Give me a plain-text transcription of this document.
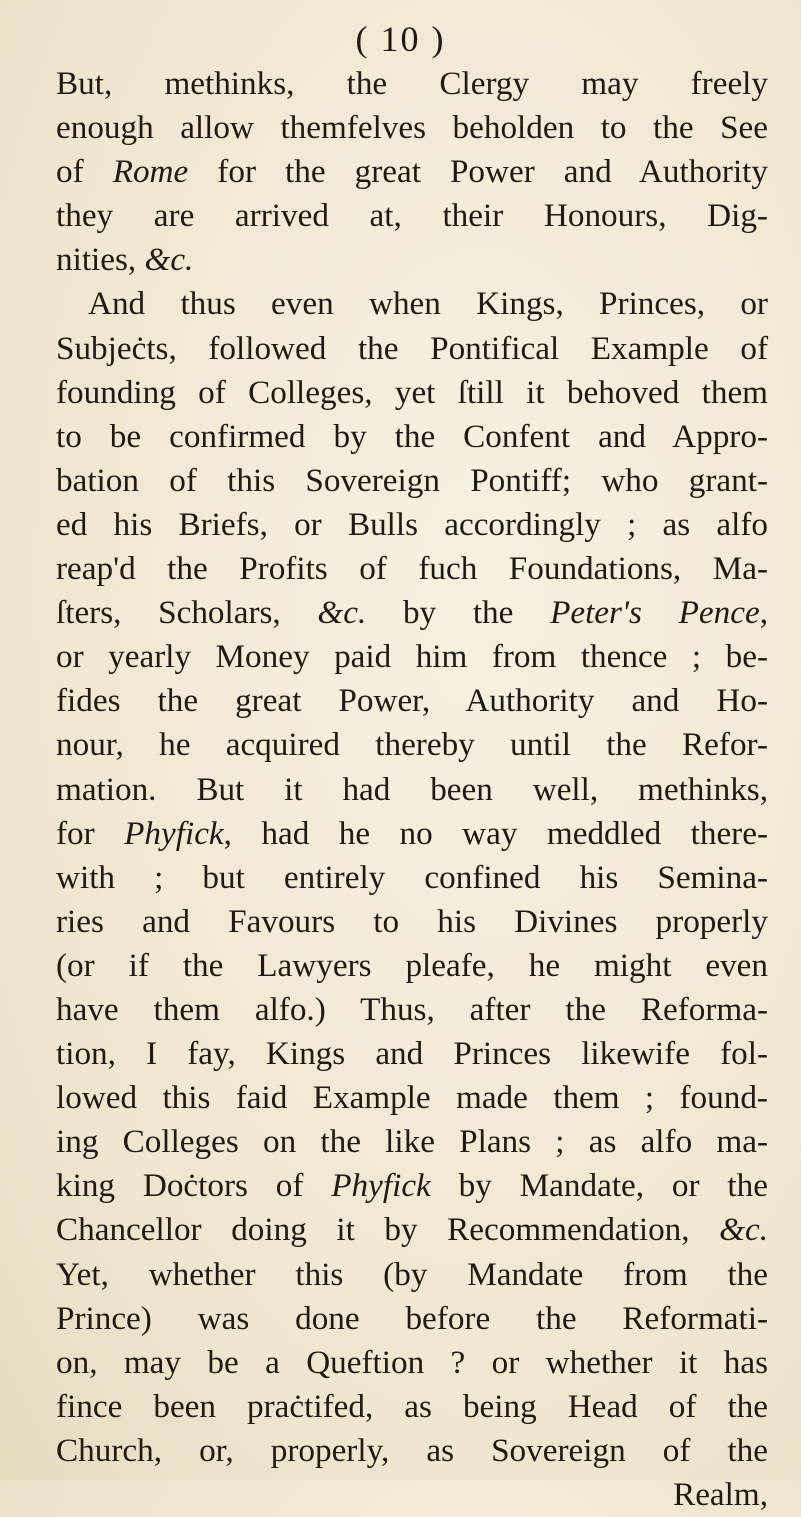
( 10 )
But, methinks, the Clergy may freely
enough allow themfelves beholden to the See
of Rome for the great Power and Authority
they are arrived at, their Honours, Dig-
nities, &c.
And thus even when Kings, Princes, or
Subjeċts, followed the Pontifical Example of
founding of Colleges, yet ſtill it behoved them
to be confirmed by the Confent and Appro-
bation of this Sovereign Pontiff; who grant-
ed his Briefs, or Bulls accordingly ; as alfo
reap'd the Profits of fuch Foundations, Ma-
ſters, Scholars, &c. by the Peter's Pence,
or yearly Money paid him from thence ; be-
fides the great Power, Authority and Ho-
nour, he acquired thereby until the Refor-
mation. But it had been well, methinks,
for Phyfick, had he no way meddled there-
with ; but entirely confined his Semina-
ries and Favours to his Divines properly
(or if the Lawyers pleafe, he might even
have them alfo.) Thus, after the Reforma-
tion, I fay, Kings and Princes likewife fol-
lowed this faid Example made them ; found-
ing Colleges on the like Plans ; as alfo ma-
king Doċtors of Phyfick by Mandate, or the
Chancellor doing it by Recommendation, &c.
Yet, whether this (by Mandate from the
Prince) was done before the Reformati-
on, may be a Queftion ? or whether it has
fince been praċtifed, as being Head of the
Church, or, properly, as Sovereign of the
Realm,
